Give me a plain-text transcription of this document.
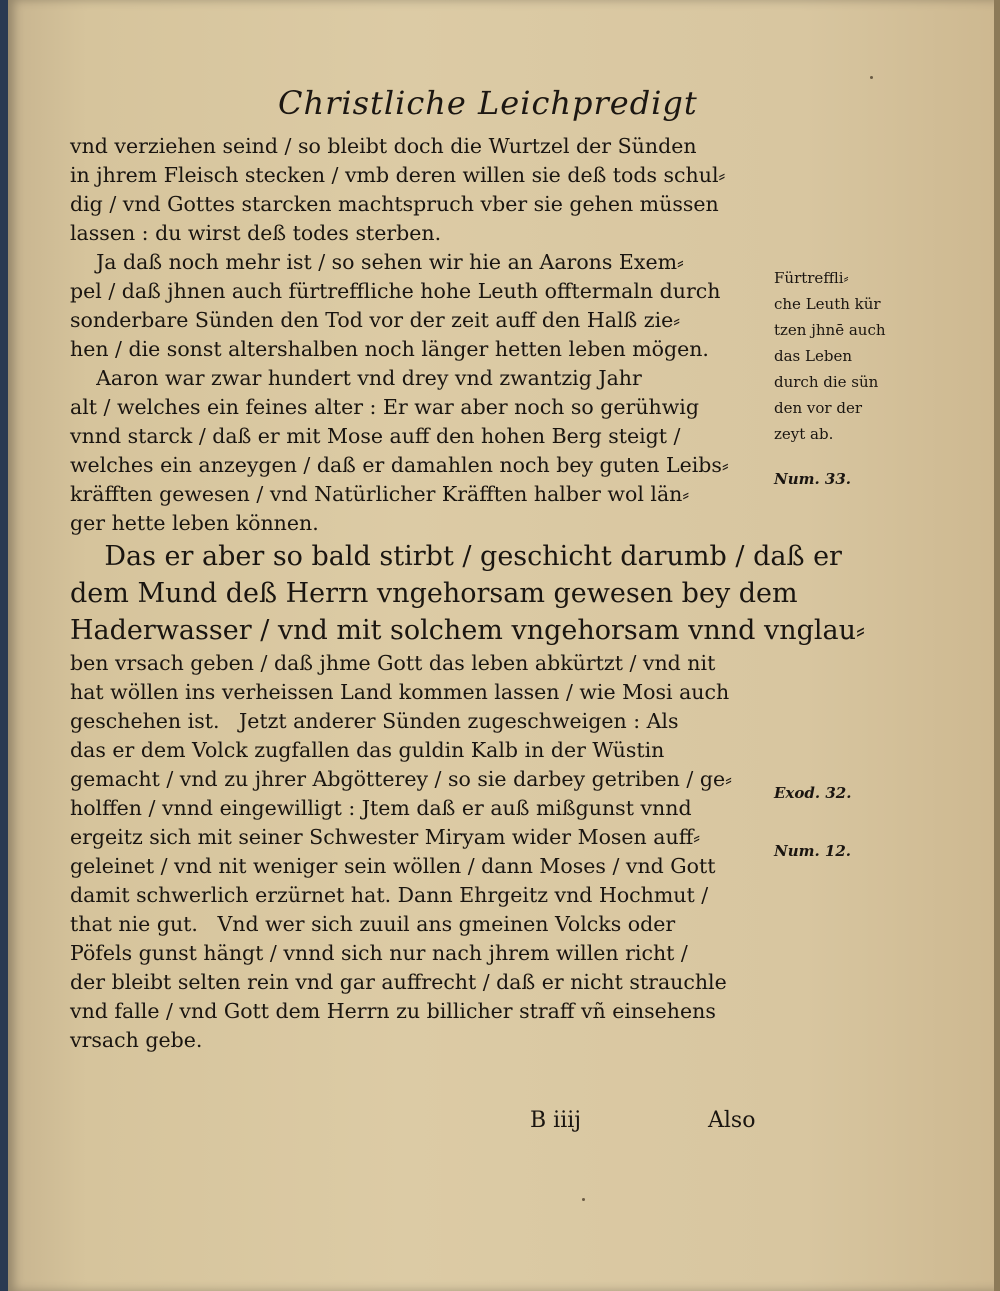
Christliche Leichpredigt
vnd verziehen seind / so bleibt doch die Wurtzel der Sünden
in jhrem Fleisch stecken / vmb deren willen sie deß tods schul⸗
dig / vnd Gottes starcken machtspruch vber sie gehen müssen
lassen : du wirst deß todes sterben.
Ja daß noch mehr ist / so sehen wir hie an Aarons Exem⸗
pel / daß jhnen auch fürtreffliche hohe Leuth offtermaln durch
sonderbare Sünden den Tod vor der zeit auff den Halß zie⸗
hen / die sonst altershalben noch länger hetten leben mögen.
Aaron war zwar hundert vnd drey vnd zwantzig Jahr
alt / welches ein feines alter : Er war aber noch so gerühwig
vnnd starck / daß er mit Mose auff den hohen Berg steigt /
welches ein anzeygen / daß er damahlen noch bey guten Leibs⸗
kräfften gewesen / vnd Natürlicher Kräfften halber wol län⸗
ger hette leben können.
Das er aber so bald stirbt / geschicht darumb / daß er
dem Mund deß Herrn vngehorsam gewesen bey dem
Haderwasser / vnd mit solchem vngehorsam vnnd vnglau⸗
ben vrsach geben / daß jhme Gott das leben abkürtzt / vnd nit
hat wöllen ins verheissen Land kommen lassen / wie Mosi auch
geschehen ist.   Jetzt anderer Sünden zugeschweigen : Als
das er dem Volck zugfallen das guldin Kalb in der Wüstin
gemacht / vnd zu jhrer Abgötterey / so sie darbey getriben / ge⸗
holffen / vnnd eingewilligt : Jtem daß er auß mißgunst vnnd
ergeitz sich mit seiner Schwester Miryam wider Mosen auff⸗
geleinet / vnd nit weniger sein wöllen / dann Moses / vnd Gott
damit schwerlich erzürnet hat. Dann Ehrgeitz vnd Hochmut /
that nie gut.   Vnd wer sich zuuil ans gmeinen Volcks oder
Pöfels gunst hängt / vnnd sich nur nach jhrem willen richt /
der bleibt selten rein vnd gar auffrecht / daß er nicht strauchle
vnd falle / vnd Gott dem Herrn zu billicher straff vñ einsehens
vrsach gebe.
Fürtreffli⸗
che Leuth kür
tzen jhnē auch
das Leben
durch die sün
den vor der
zeyt ab.
Num. 33.
Exod. 32.
Num. 12.
B iiij	Also
